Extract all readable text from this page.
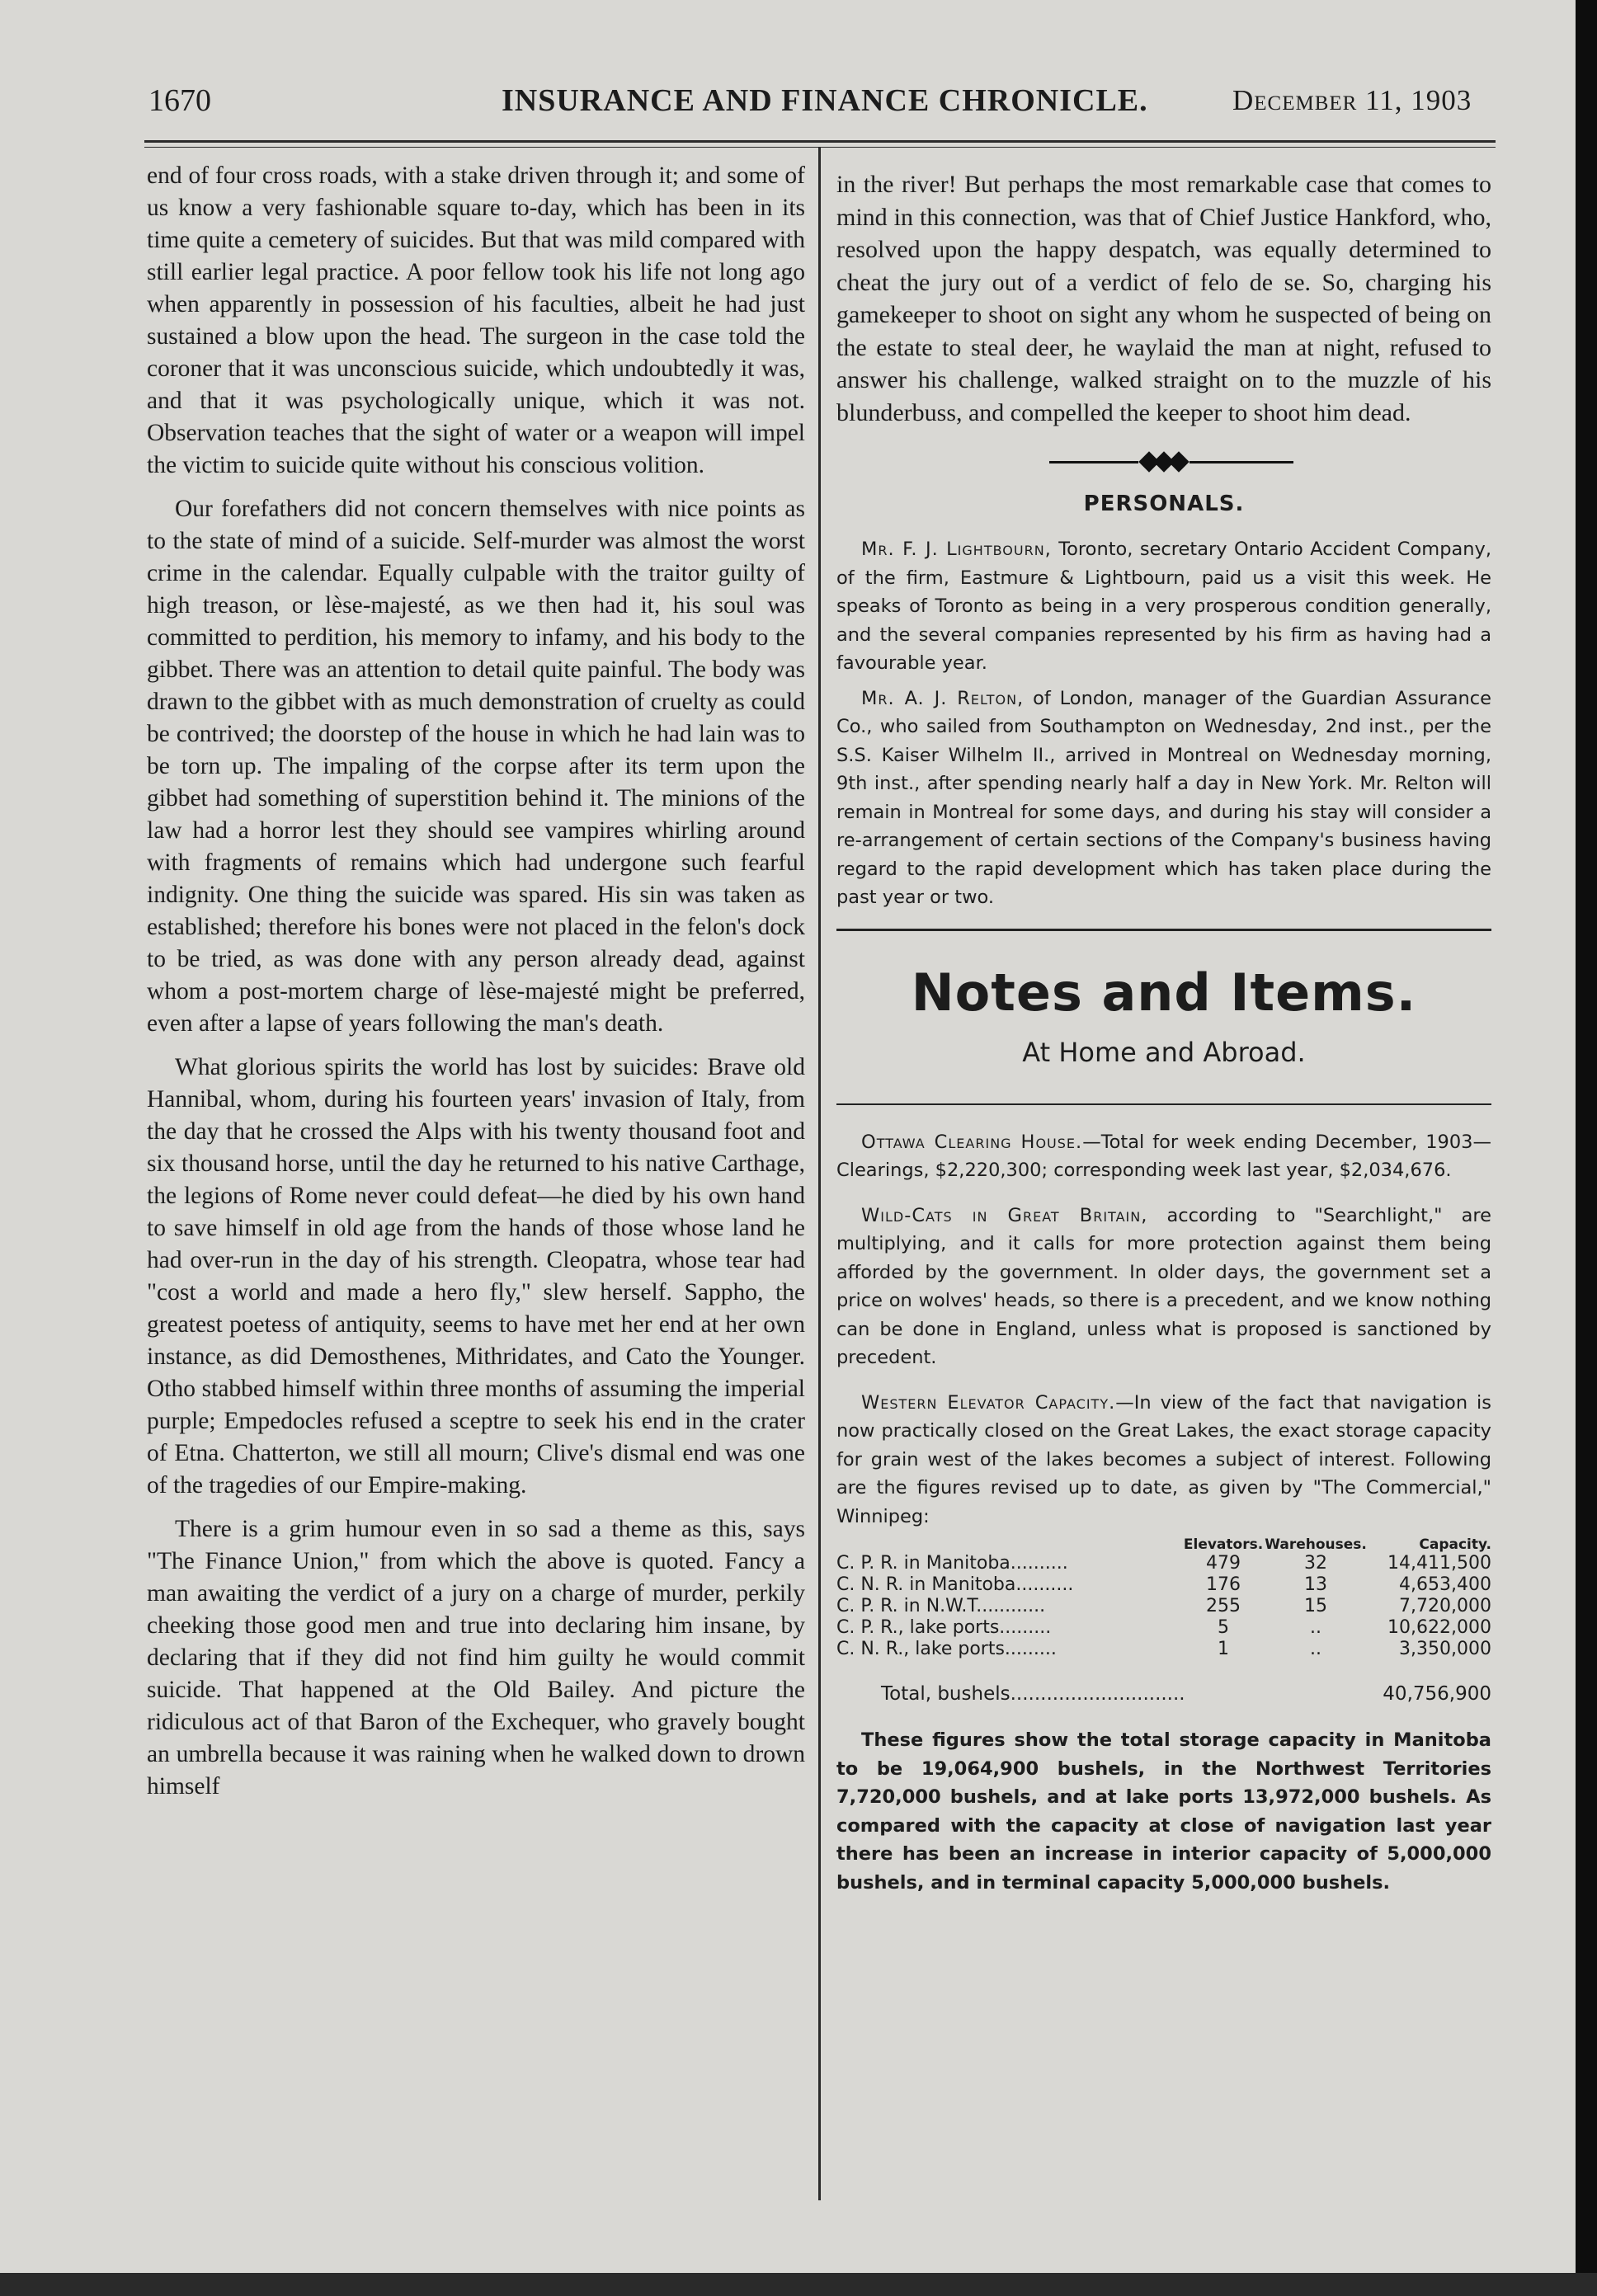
1670	INSURANCE AND FINANCE CHRONICLE.	December 11, 1903

end of four cross roads, with a stake driven through it; and some of us know a very fashionable square to-day, which has been in its time quite a cemetery of suicides. But that was mild compared with still earlier legal practice. A poor fellow took his life not long ago when apparently in possession of his faculties, albeit he had just sustained a blow upon the head. The surgeon in the case told the coroner that it was unconscious suicide, which undoubtedly it was, and that it was psychologically unique, which it was not. Observation teaches that the sight of water or a weapon will impel the victim to suicide quite without his conscious volition.

Our forefathers did not concern themselves with nice points as to the state of mind of a suicide. Self-murder was almost the worst crime in the calendar. Equally culpable with the traitor guilty of high treason, or lèse-majesté, as we then had it, his soul was committed to perdition, his memory to infamy, and his body to the gibbet. There was an attention to detail quite painful. The body was drawn to the gibbet with as much demonstration of cruelty as could be contrived; the doorstep of the house in which he had lain was to be torn up. The impaling of the corpse after its term upon the gibbet had something of superstition behind it. The minions of the law had a horror lest they should see vampires whirling around with fragments of remains which had undergone such fearful indignity. One thing the suicide was spared. His sin was taken as established; therefore his bones were not placed in the felon's dock to be tried, as was done with any person already dead, against whom a post-mortem charge of lèse-majesté might be preferred, even after a lapse of years following the man's death.

What glorious spirits the world has lost by suicides: Brave old Hannibal, whom, during his fourteen years' invasion of Italy, from the day that he crossed the Alps with his twenty thousand foot and six thousand horse, until the day he returned to his native Carthage, the legions of Rome never could defeat—he died by his own hand to save himself in old age from the hands of those whose land he had over-run in the day of his strength. Cleopatra, whose tear had "cost a world and made a hero fly," slew herself. Sappho, the greatest poetess of antiquity, seems to have met her end at her own instance, as did Demosthenes, Mithridates, and Cato the Younger. Otho stabbed himself within three months of assuming the imperial purple; Empedocles refused a sceptre to seek his end in the crater of Etna. Chatterton, we still all mourn; Clive's dismal end was one of the tragedies of our Empire-making.

There is a grim humour even in so sad a theme as this, says "The Finance Union," from which the above is quoted. Fancy a man awaiting the verdict of a jury on a charge of murder, perkily cheeking those good men and true into declaring him insane, by declaring that if they did not find him guilty he would commit suicide. That happened at the Old Bailey. And picture the ridiculous act of that Baron of the Exchequer, who gravely bought an umbrella because it was raining when he walked down to drown himself

in the river! But perhaps the most remarkable case that comes to mind in this connection, was that of Chief Justice Hankford, who, resolved upon the happy despatch, was equally determined to cheat the jury out of a verdict of felo de se. So, charging his gamekeeper to shoot on sight any whom he suspected of being on the estate to steal deer, he waylaid the man at night, refused to answer his challenge, walked straight on to the muzzle of his blunderbuss, and compelled the keeper to shoot him dead.

PERSONALS.

Mr. F. J. Lightbourn, Toronto, secretary Ontario Accident Company, of the firm, Eastmure & Lightbourn, paid us a visit this week. He speaks of Toronto as being in a very prosperous condition generally, and the several companies represented by his firm as having had a favourable year.

Mr. A. J. Relton, of London, manager of the Guardian Assurance Co., who sailed from Southampton on Wednesday, 2nd inst., per the S.S. Kaiser Wilhelm II., arrived in Montreal on Wednesday morning, 9th inst., after spending nearly half a day in New York. Mr. Relton will remain in Montreal for some days, and during his stay will consider a re-arrangement of certain sections of the Company's business having regard to the rapid development which has taken place during the past year or two.

Notes and Items.
At Home and Abroad.

Ottawa Clearing House.—Total for week ending December, 1903—Clearings, $2,220,300; corresponding week last year, $2,034,676.

Wild-Cats in Great Britain, according to "Searchlight," are multiplying, and it calls for more protection against them being afforded by the government. In older days, the government set a price on wolves' heads, so there is a precedent, and we know nothing can be done in England, unless what is proposed is sanctioned by precedent.

Western Elevator Capacity.—In view of the fact that navigation is now practically closed on the Great Lakes, the exact storage capacity for grain west of the lakes becomes a subject of interest. Following are the figures revised up to date, as given by "The Commercial," Winnipeg:

	Elevators.	Warehouses.	Capacity.
C. P. R. in Manitoba..........	479	32	14,411,500
C. N. R. in Manitoba..........	176	13	4,653,400
C. P. R. in N.W.T............	255	15	7,720,000
C. P. R., lake ports.........	5	..	10,622,000
C. N. R., lake ports.........	1	..	3,350,000
Total, bushels.............................			40,756,900

These figures show the total storage capacity in Manitoba to be 19,064,900 bushels, in the Northwest Territories 7,720,000 bushels, and at lake ports 13,972,000 bushels. As compared with the capacity at close of navigation last year there has been an increase in interior capacity of 5,000,000 bushels, and in terminal capacity 5,000,000 bushels.
